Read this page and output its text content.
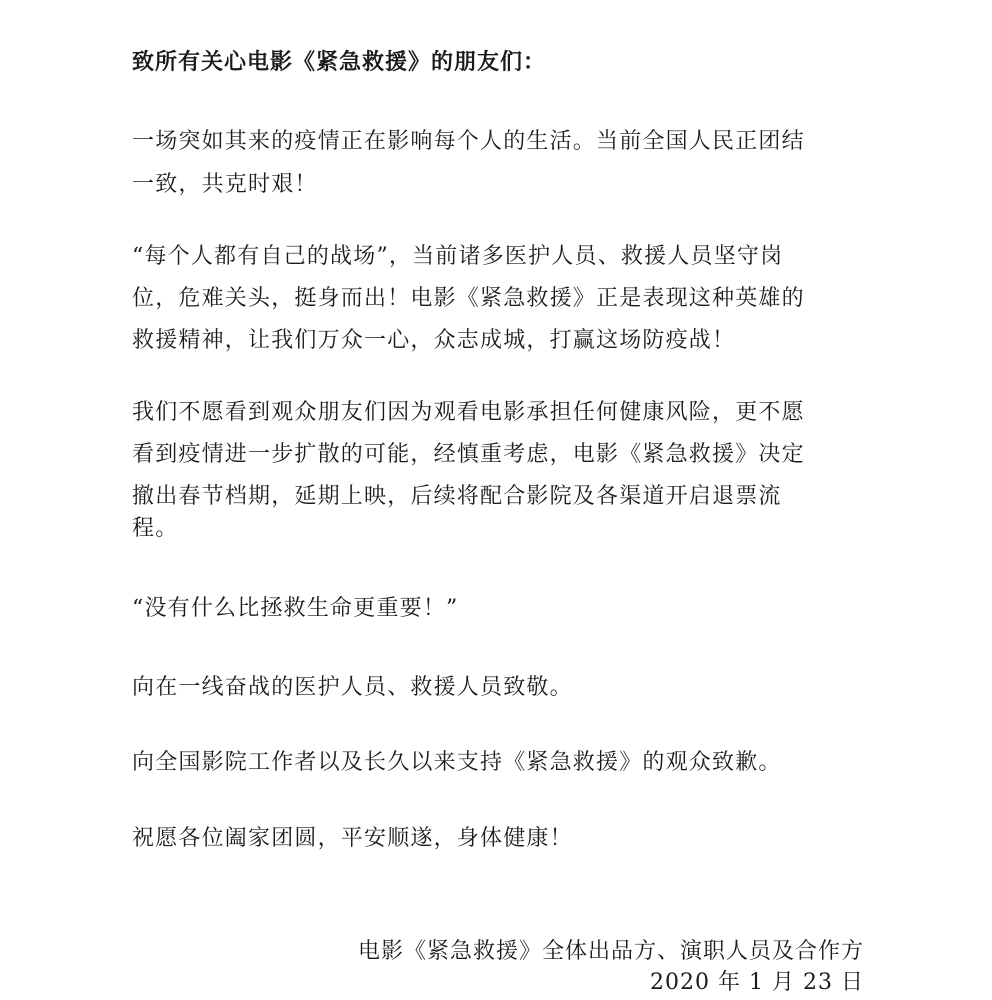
致所有关心电影《紧急救援》的朋友们：
一场突如其来的疫情正在影响每个人的生活。当前全国人民正团结
一致，共克时艰！
“每个人都有自己的战场”，当前诸多医护人员、救援人员坚守岗
位，危难关头，挺身而出！电影《紧急救援》正是表现这种英雄的
救援精神，让我们万众一心，众志成城，打赢这场防疫战！
我们不愿看到观众朋友们因为观看电影承担任何健康风险，更不愿
看到疫情进一步扩散的可能，经慎重考虑，电影《紧急救援》决定
撤出春节档期，延期上映，后续将配合影院及各渠道开启退票流
程。
“没有什么比拯救生命更重要！”
向在一线奋战的医护人员、救援人员致敬。
向全国影院工作者以及长久以来支持《紧急救援》的观众致歉。
祝愿各位阖家团圆，平安顺遂，身体健康！
电影《紧急救援》全体出品方、演职人员及合作方
2020 年 1 月 23 日
